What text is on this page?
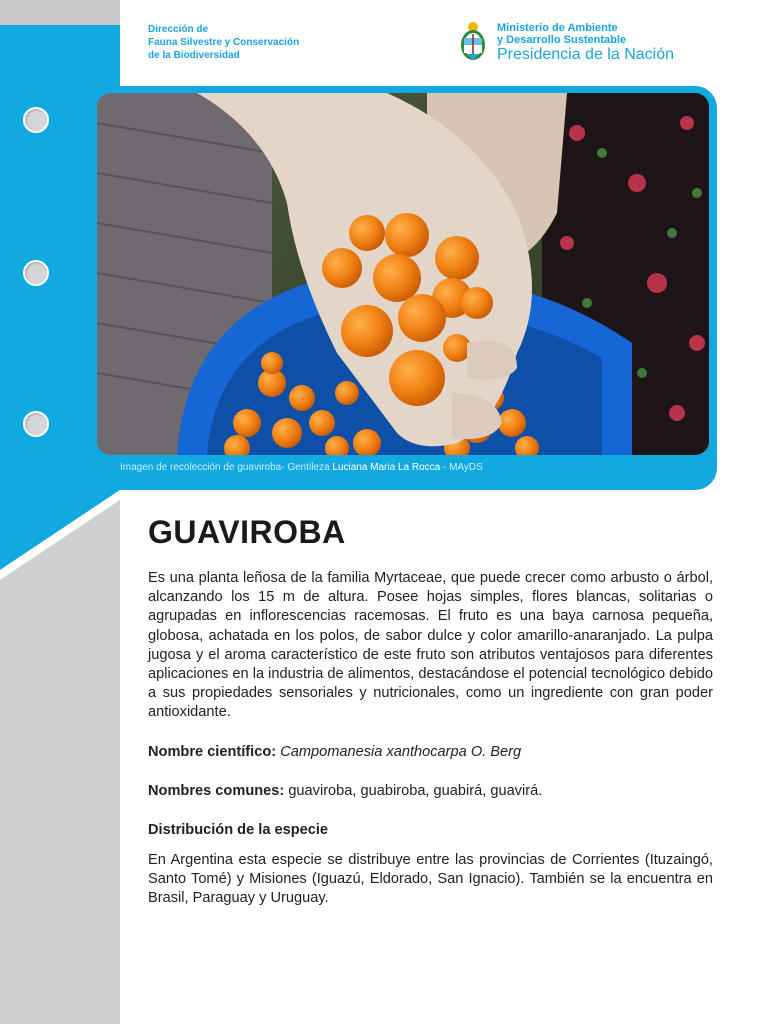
Dirección de
Fauna Silvestre y Conservación
de la Biodiversidad
Ministerio de Ambiente
y Desarrollo Sustentable
Presidencia de la Nación
Imagen de recolección de guaviroba- Gentileza Luciana Maria La Rocca - MAyDS
GUAVIROBA

Es una planta leñosa de la familia Myrtaceae, que puede crecer como arbusto o árbol, alcanzando los 15 m de altura. Posee hojas simples, flores blancas, solitarias o agrupadas en inflorescencias racemosas. El fruto es una baya carnosa pequeña, globosa, achatada en los polos, de sabor dulce y color amarillo-anaranjado. La pulpa jugosa y el aroma característico de este fruto son atributos ventajosos para diferentes aplicaciones en la industria de alimentos, destacándose el potencial tecnológico debido a sus propiedades sensoriales y nutricionales, como un ingrediente con gran poder antioxidante.

Nombre científico: Campomanesia xanthocarpa O. Berg
Nombres comunes: guaviroba, guabiroba, guabirá, guavirá.
Distribución de la especie

En Argentina esta especie se distribuye entre las provincias de Corrientes (Ituzaingó, Santo Tomé) y Misiones (Iguazú, Eldorado, San Ignacio). También se la encuentra en Brasil, Paraguay y Uruguay.
